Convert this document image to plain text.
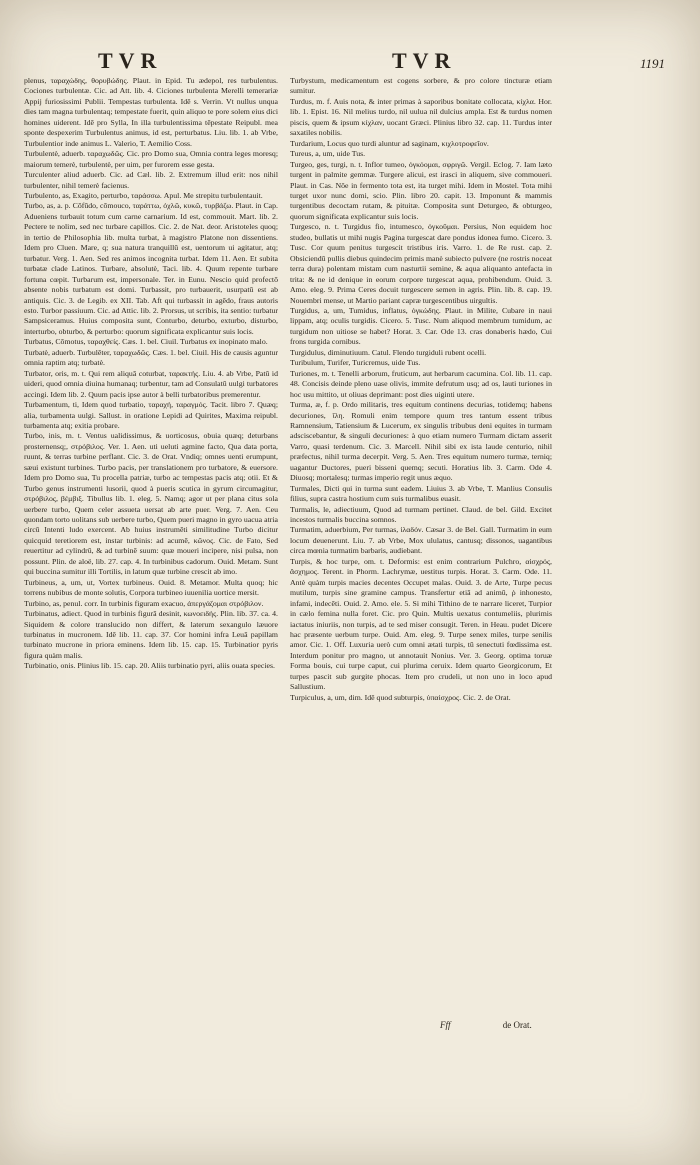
TVR	TVR	1191

plenus, ταραχώδης, θορυβώδης. Plaut. in Epid. Tu ædepol, res turbulentus. Cociones turbulentæ. Cic. ad Att. lib. 4. Ciciones turbulenta Merelli temerariæ Appij furiosissimi Publii. Tempestas turbulenta. Idē s. Verrin. Vt nullus unqua dies tam magna turbulentaq; tempestate fuerit, quin aliquo te pore solem eius dici homines uiderent. Idē pro Sylla, In illa turbulentissima tēpestate Reipubl. mea sponte despexerim Turbulentus animus, id est, perturbatus. Liu. lib. 1. ab Vrbe, Turbulentior inde animus L. Valerio, T. Aemilio Coss.

Turbulentè, aduerb. ταραχωδῶς. Cic. pro Domo sua, Omnia contra leges moresq; maiorum temerè, turbulentè, per uim, per furorem esse gesta.

Turculenter aliud aduerb. Cic. ad Cæl. lib. 2. Extremum illud erit: nos nihil turbulenter, nihil temerè facienus.

Turbulento, as, Exagito, perturbo, ταράσσω. Apul. Me strepitu turbulentauit.

Turbo, as, a. p. Cōfūdo, cōmouco, ταράττω, ὀχλῶ, κυκῶ, τυρβάζω. Plaut. in Cap. Adueniens turbauit totum cum carne carnarium. Id est, commouit. Mart. lib. 2. Pectere te nolim, sed nec turbare capillos. Cic. 2. de Nat. deor. Aristoteles quoq; in tertio de Philosophia lib. multa turbat, à magistro Platone non dissentiens. Idem pro Cluen. Mare, q; sua natura tranquillū est, uentorum ui agitatur, atq; turbatur. Verg. 1. Aen. Sed res animos incognita turbat. Idem 11. Aen. Et subita turbatæ clade Latinos. Turbare, absolutè, Taci. lib. 4. Quum repente turbare fortuna cœpit. Turbarum est, impersonale. Ter. in Eunu. Nescio quid profectō absente nobis turbatum est domi. Turbassit, pro turbauerit, usurpatū est ab antiquis. Cic. 3. de Legib. ex XII. Tab. Aft qui turbassit in agēdo, fraus autoris esto. Turbor passiuum. Cic. ad Attic. lib. 2. Prorsus, ut scribis, ita sentio: turbatur Sampsiceramus. Huius composita sunt, Conturbo, deturbo, exturbo, disturbo, interturbo, obturbo, & perturbo: quorum significata explicantur suis locis.

Turbatus, Cōmotus, ταραχθείς. Cæs. 1. bel. Ciuil. Turbatus ex inopinato malo.

Turbatè, aduerb. Turbulēter, ταραχωδῶς. Cæs. 1. bel. Ciuil. His de causis aguntur omnia raptim atq; turbatè.

Turbator, oris, m. t. Qui rem aliquā coturbat, ταρακτής. Liu. 4. ab Vrbe, Patū id uideri, quod omnia diuina humanaq; turbentur, tam ad Consulatū uulgi turbatores accingi. Idem lib. 2. Quum pacis ipse autor à belli turbatoribus premerentur.

Turbamentum, ti, Idem quod turbatio, ταραχή, ταραγμός. Tacit. libro 7. Quæq; alia, turbamenta uulgi. Sallust. in oratione Lepidi ad Quirites, Maxima reipubl. turbamenta atq; exitia probare.

Turbo, inis, m. t. Ventus ualidissimus, & uorticosus, obuia quæq; deturbans prosternensq;, στρόβιλος. Ver. 1. Aen. uti ueluti agmine facto, Qua data porta, ruunt, & terras turbine perflant. Cic. 3. de Orat. Vndiq; omnes uenti erumpunt, sæui existunt turbines. Turbo pacis, per translationem pro turbatore, & euersore. Idem pro Domo sua, Tu procella patriæ, turbo ac tempestas pacis atq; otii. Et & Turbo genus instrumenti lusorii, quod à pueris scutica in gyrum circumagitur, στρόβιλος, βέμβιξ. Tibullus lib. 1. eleg. 5. Namq; agor ut per plana citus sola uerbere turbo, Quem celer assueta uersat ab arte puer. Verg. 7. Aen. Ceu quondam torto uolitans sub uerbere turbo, Quem pueri magno in gyro uacua atria circū Intenti ludo exercent. Ab huius instrumēti similitudine Turbo dicitur quicquid teretiorem est, instar turbinis: ad acumē, κῶνος. Cic. de Fato, Sed reuertitur ad cylindrū, & ad turbinē suum: quæ moueri incipere, nisi pulsa, non possunt. Plin. de aloë, lib. 27. cap. 4. In turbinibus cadorum. Ouid. Metam. Sunt qui buccina sumitur illi Tortilis, in latum quæ turbine crescit ab imo.

Turbineus, a, um, ut, Vortex turbineus. Ouid. 8. Metamor. Multa quoq; hic torrens nubibus de monte solutis, Corpora turbineo iuuenilia uortice mersit.

Turbino, as, penul. corr. In turbinis figuram exacuo, ἀπεργάζομαι στρόβιλον.

Turbinatus, adiect. Quod in turbinis figurā desinit, κωνοειδής. Plin. lib. 37. ca. 4. Siquidem & colore translucido non differt, & laterum sexangulo læuore turbinatus in mucronem. Idē lib. 11. cap. 37. Cor homini infra Leuā papillam turbinato mucrone in priora eminens. Idem lib. 15. cap. 15. Turbinatior pyris figura quàm malis.

Turbinatio, onis. Plinius lib. 15. cap. 20. Aliis turbinatio pyri, aliis ouata species.

Turbystum, medicamentum est cogens sorbere, & pro colore tincturæ etiam sumitur.

Turdus, m. f. Auis nota, & inter primas à saporibus bonitate collocata, κίχλα. Hor. lib. 1. Epist. 16. Nil melius turdo, nil uulua nil dulcius ampla. Est & turdus nomen piscis, quem & ipsum κίχλαν, uocant Græci. Plinius libro 32. cap. 11. Turdus inter saxatiles nobilis.

Turdarium, Locus quo turdi aluntur ad saginam, κιχλοτροφεῖον.

Tureus, a, um, uide Tus.

Turgeo, ges, turgi, n. t. Inflor tumeo, ὀγκόομαι, σφριγῶ. Vergil. Eclog. 7. Iam læto turgent in palmite gemmæ. Turgere alicui, est irasci in aliquem, sive commoueri. Plaut. in Cas. Nõe in fermento tota est, ita turget mihi. Idem in Mostel. Tota mihi turget uxor nunc domi, scio. Plin. libro 20. capit. 13. Imponunt & mammis turgentibus decoctam rutam, & pituitæ. Composita sunt Deturgeo, & obturgeo, quorum significata explicantur suis locis.

Turgesco, n. t. Turgidus fio, intumesco, ὀγκοῦμαι. Persius, Non equidem hoc studeo, bullatis ut mihi nugis Pagina turgescat dare pondus idonea fumo. Cicero. 3. Tusc. Cor quum penitus turgescit tristibus iris. Varro. 1. de Re rust. cap. 2. Obsiciendū pullis diebus quindecim primis manè subiecto pulvere (ne rostris noceat terra dura) polentam mistam cum nasturtii semine, & aqua aliquanto antefacta in trita: & ne id denique in eorum corpore turgescat aqua, prohibendum. Ouid. 3. Amo. eleg. 9. Prima Ceres docuit turgescere semen in agris. Plin. lib. 8. cap. 19. Nouembri mense, ut Martio pariant capræ turgescentibus uirgultis.

Turgidus, a, um, Tumidus, inflatus, ὀγκώδης. Plaut. in Milite, Cubare in naui lippam, atq; oculis turgidis. Cicero. 5. Tusc. Num aliquod membrum tumidum, ac turgidum non uitiose se habet? Horat. 3. Car. Ode 13. cras donaberis hædo, Cui frons turgida cornibus.

Turgidulus, diminutiuum. Catul. Flendo turgiduli rubent ocelli.

Turibulum, Turifer, Turicremus, uide Tus.

Turiones, m. t. Tenelli arborum, fruticum, aut herbarum cacumina. Col. lib. 11. cap. 48. Concisis deinde pleno uase olivis, immite defrutum usq; ad os, lauti turiones in hoc usu mittito, ut oliuas deprimant: post dies uiginti utere.

Turma, æ, f. p. Ordo militaris, tres equitum continens decurias, totidemq; habens decuriones, ἴλη. Romuli enim tempore quum tres tantum essent tribus Ramnensium, Tatiensium & Lucerum, ex singulis tribubus deni equites in turmam adsciscebantur, & singuli decuriones: à quo etiam numero Turmam dictam asserit Varro, quasi terdenum. Cic. 3. Marcell. Nihil sibi ex ista laude centurio, nihil præfectus, nihil turma decerpit. Verg. 5. Aen. Tres equitum numero turmæ, terniq; uagantur Ductores, pueri bisseni quemq; secuti. Horatius lib. 3. Carm. Ode 4. Diuosq; mortalesq; turmas imperio regit unus æquo.

Turmales, Dicti qui in turma sunt eadem. Liuius 3. ab Vrbe, T. Manlius Consulis filius, supra castra hostium cum suis turmalibus euasit.

Turmalis, le, adiectiuum, Quod ad turmam pertinet. Claud. de bel. Gild. Excitet incestos turmalis buccina somnos.

Turmatim, aduerbium, Per turmas, ἰλαδόν. Cæsar 3. de Bel. Gall. Turmatim in eum locum deuenerunt. Liu. 7. ab Vrbe, Mox ululatus, cantusq; dissonos, uagantibus circa mœnia turmatim barbaris, audiebant.

Turpis, & hoc turpe, om. t. Deformis: est enim contrarium Pulchro, αἰσχρός, ἄσχημος. Terent. in Phorm. Lachrymæ, uestitus turpis. Horat. 3. Carm. Ode. 11. Antè quàm turpis macies decentes Occupet malas. Ouid. 3. de Arte, Turpe pecus mutilum, turpis sine gramine campus. Transfertur etiā ad animū, ῥ inhonesto, infami, indecēti. Ouid. 2. Amo. ele. 5. Si mihi Tithino de te narrare liceret, Turpior in cælo femina nulla foret. Cic. pro Quin. Multis uexatus contumeliis, plurimis iactatus iniuriis, non turpis, ad te sed miser consugit. Teren. in Heau. pudet Dicere hac præsente uerbum turpe. Ouid. Am. eleg. 9. Turpe senex miles, turpe senilis amor. Cic. 1. Off. Luxuria uerò cum omni ætati turpis, tū senectuti fœdissima est. Interdum ponitur pro magno, ut annotauit Nonius. Ver. 3. Georg. optima toruæ Forma bouis, cui turpe caput, cui plurima ceruix. Idem quarto Georgicorum, Et turpes pascit sub gurgite phocas. Item pro crudeli, ut non uno in loco apud Sallustium.

Turpiculus, a, um, dim. Idē quod subturpis, ὑπαίσχρος. Cic. 2. de Orat.

Fff	de Orat.
